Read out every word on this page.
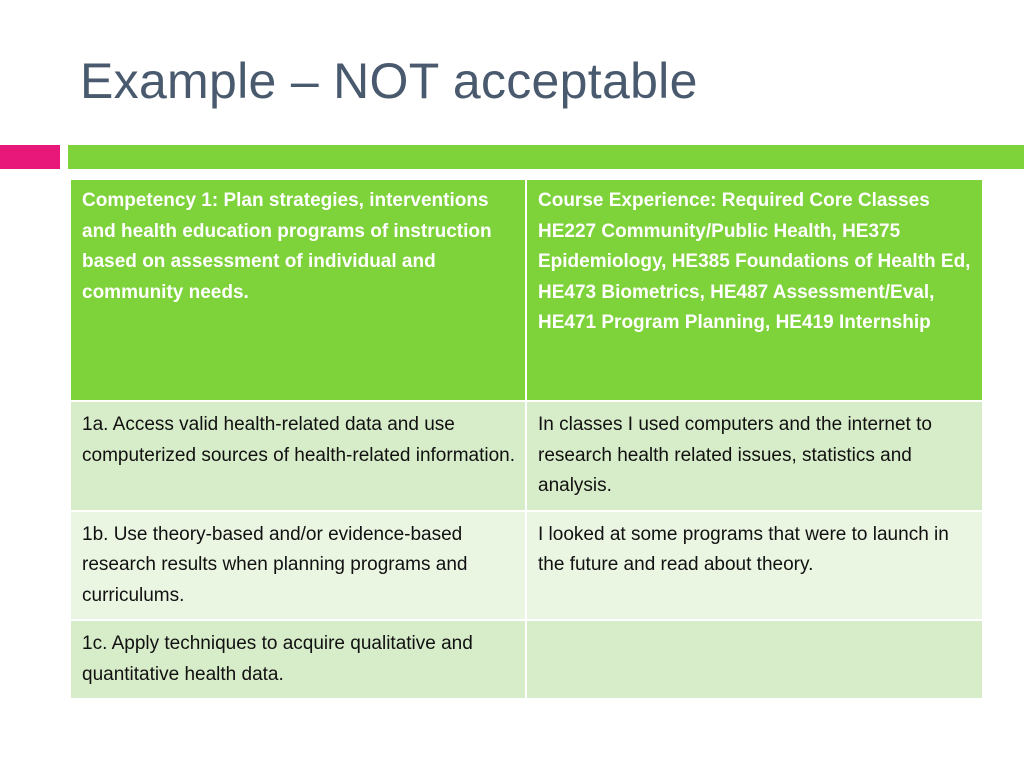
Example – NOT acceptable
Competency 1: Plan strategies, interventions and health education programs of instruction based on assessment of individual and community needs.	Course Experience: Required Core Classes
HE227 Community/Public Health, HE375 Epidemiology, HE385 Foundations of Health Ed, HE473 Biometrics, HE487 Assessment/Eval, HE471 Program Planning, HE419 Internship

1a. Access valid health-related data and use computerized sources of health-related information.	In classes I used computers and the internet to research health related issues, statistics and analysis.
1b. Use theory-based and/or evidence-based research results when planning programs and curriculums.	I looked at some programs that were to launch in the future and read about theory.
1c. Apply techniques to acquire qualitative and quantitative health data.	
